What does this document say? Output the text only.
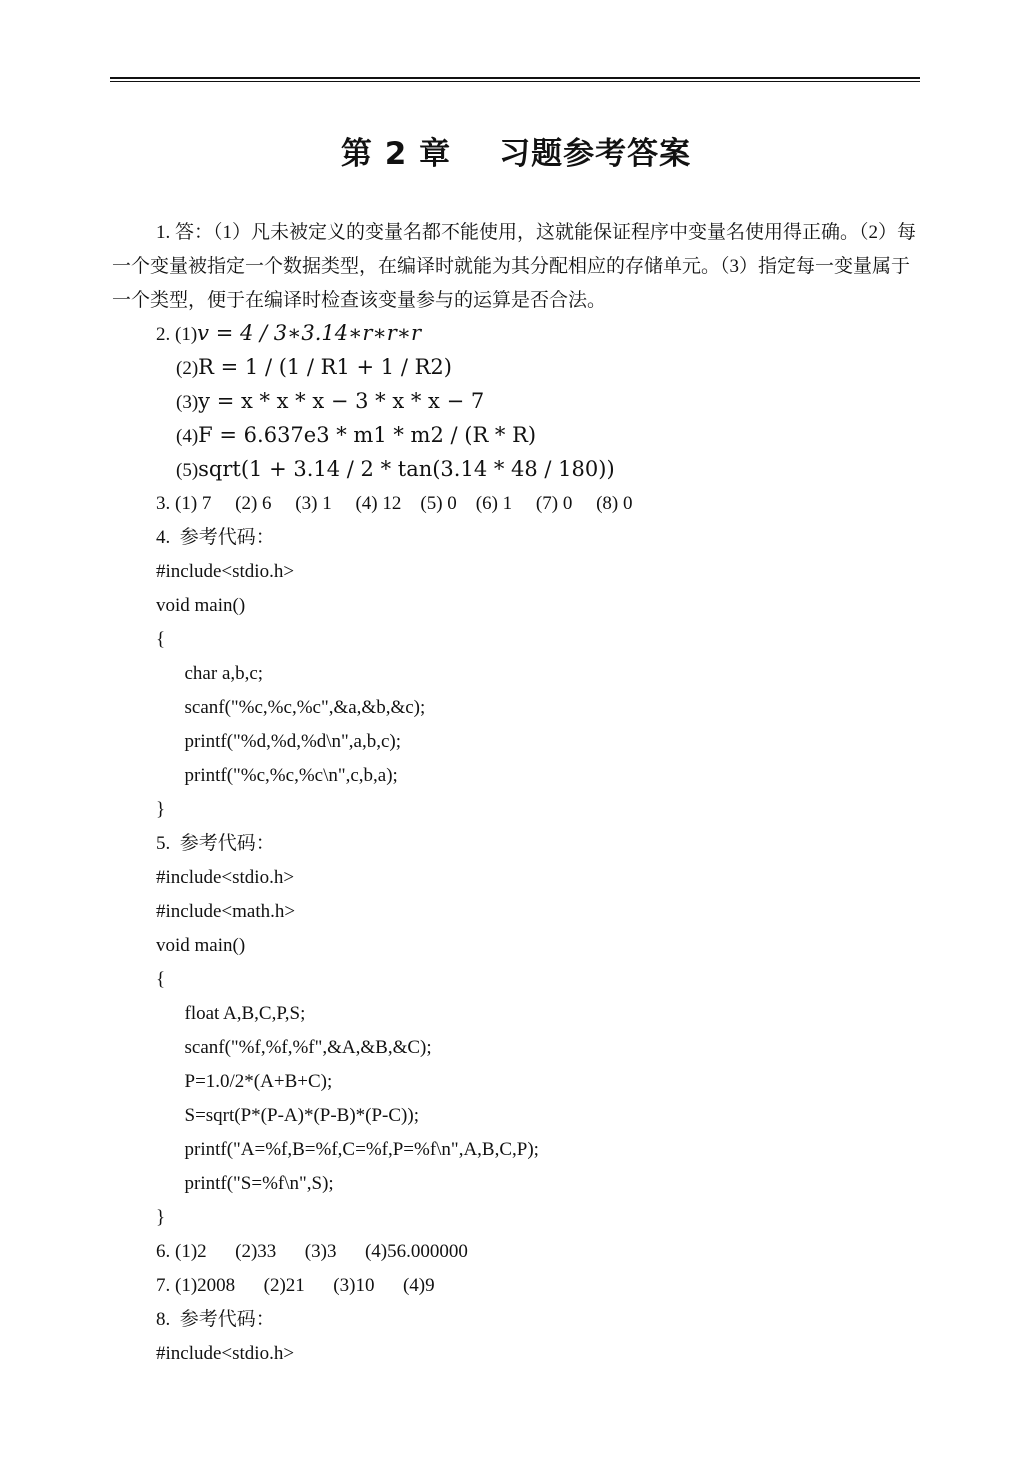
第 2 章 习题参考答案
1. 答：（1）凡未被定义的变量名都不能使用，这就能保证程序中变量名使用得正确。（2）每一个变量被指定一个数据类型，在编译时就能为其分配相应的存储单元。（3）指定每一变量属于一个类型，便于在编译时检查该变量参与的运算是否合法。
2. (1)v = 4 / 3∗3.14∗r∗r∗r
(2)R = 1 / (1 / R1 + 1 / R2)
(3)y = x * x * x − 3 * x * x − 7
(4)F = 6.637e3 * m1 * m2 / (R * R)
(5)sqrt(1 + 3.14 / 2 * tan(3.14 * 48 / 180))
3. (1) 7     (2) 6     (3) 1     (4) 12    (5) 0    (6) 1     (7) 0     (8) 0
4.  参考代码：
#include<stdio.h>
void main()
{
char a,b,c;
scanf("%c,%c,%c",&a,&b,&c);
printf("%d,%d,%d\n",a,b,c);
printf("%c,%c,%c\n",c,b,a);
}
5.  参考代码：
#include<stdio.h>
#include<math.h>
void main()
{
float A,B,C,P,S;
scanf("%f,%f,%f",&A,&B,&C);
P=1.0/2*(A+B+C);
S=sqrt(P*(P-A)*(P-B)*(P-C));
printf("A=%f,B=%f,C=%f,P=%f\n",A,B,C,P);
printf("S=%f\n",S);
}
6. (1)2      (2)33      (3)3      (4)56.000000
7. (1)2008      (2)21      (3)10      (4)9
8.  参考代码：
#include<stdio.h>
